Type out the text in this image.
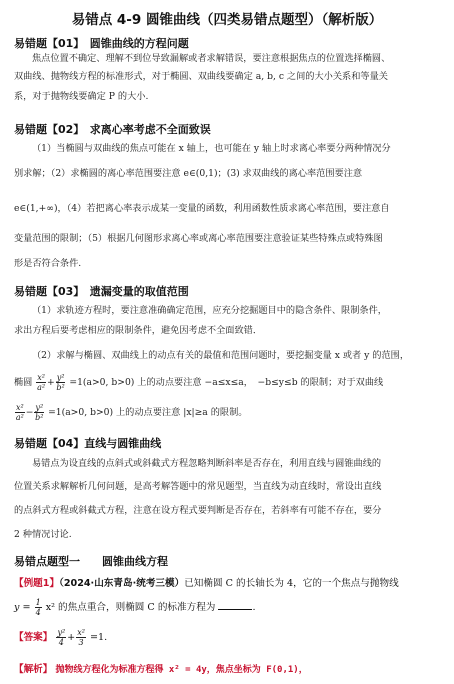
易错点 4-9 圆锥曲线（四类易错点题型）（解析版）
易错题【01】　圆锥曲线的方程问题
焦点位置不确定、理解不到位导致漏解或者求解错误，要注意根据焦点的位置选择椭圆、
双曲线、抛物线方程的标准形式，对于椭圆、双曲线要确定 a, b, c 之间的大小关系和等量关
系，对于抛物线要确定 P 的大小.
易错题【02】　求离心率考虑不全面致误
（1）当椭圆与双曲线的焦点可能在 x 轴上，也可能在 y 轴上时求离心率要分两种情况分
别求解；（2）求椭圆的离心率范围要注意 e∈(0,1)；(3) 求双曲线的离心率范围要注意
e∈(1,+∞)，（4）若把离心率表示成某一变量的函数，利用函数性质求离心率范围，要注意自
变量范围的限制；（5）根据几何图形求离心率或离心率范围要注意验证某些特殊点或特殊图
形是否符合条件.
易错题【03】　遗漏变量的取值范围
（1）求轨迹方程时，要注意准确确定范围，应充分挖掘题目中的隐含条件、限制条件，
求出方程后要考虑相应的限制条件，避免因考虑不全面致错．
（2）求解与椭圆、双曲线上的动点有关的最值和范围问题时，要挖掘变量 x 或者 y 的范围，
椭圆 $\frac{\text{x²}}{\text{a²}} + \frac{\text{y²}}{\text{b²}} =1(a>0$, b>0) 上的动点要注意 −a≤x≤a，　−b≤y≤b 的限制；对于双曲线
$\frac{\text{x²}}{\text{a²}} - \frac{\text{y²}}{\text{b²}} =1(a>0$, b>0) 上的动点要注意 |x|≥a 的限制。
易错题【04】直线与圆锥曲线
易错点为设直线的点斜式或斜截式方程忽略判断斜率是否存在，利用直线与圆锥曲线的
位置关系求解解析几何问题，是高考解答题中的常见题型，当直线为动直线时，常设出直线
的点斜式方程或斜截式方程，注意在设方程式要判断是否存在，若斜率有可能不存在，要分
2 种情况讨论.
易错点题型一　　圆锥曲线方程
【例题1】（2024·山东青岛·统考三模）已知椭圆 C 的长轴长为 4，它的一个焦点与抛物线
$y = \frac{1}{4} x^2$ 的焦点重合，则椭圆 C 的标准方程为	.
【答案】 $\frac{\text{y²}}{4} + \frac{\text{x²}}{3} =1$.
【解析】 抛物线方程化为标准方程得 x² = 4y，焦点坐标为 F(0,1)，
